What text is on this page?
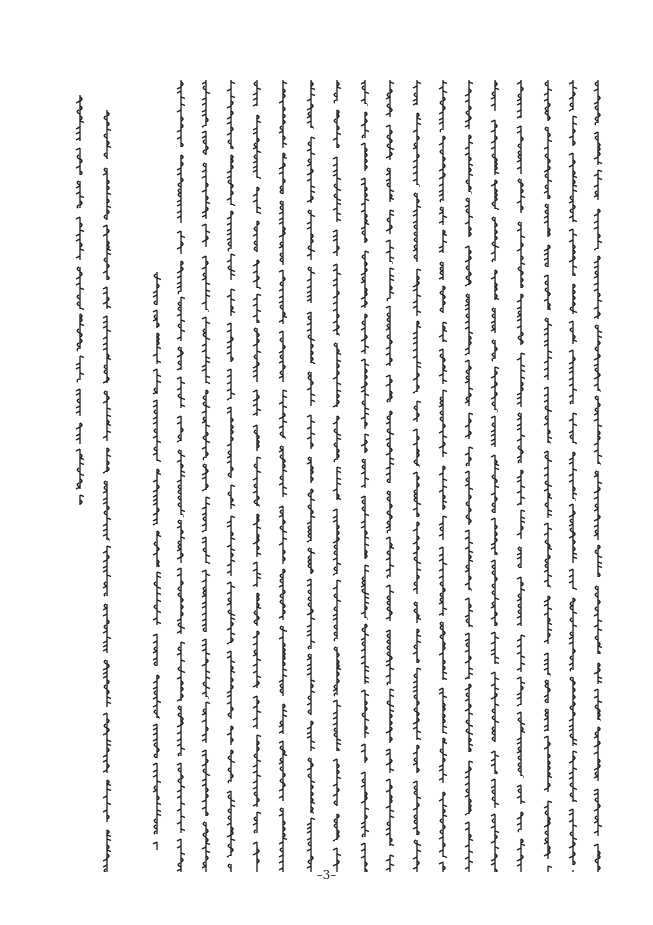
–3–
